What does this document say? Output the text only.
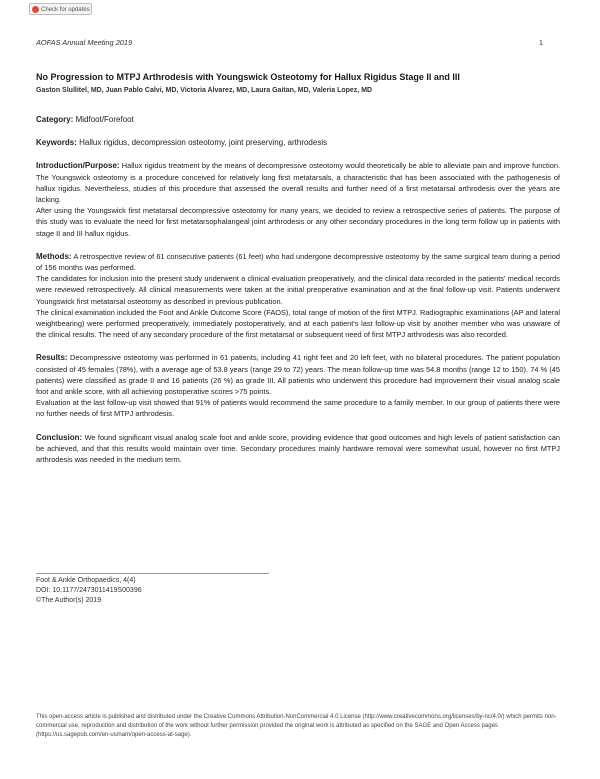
Check for updates
AOFAS Annual Meeting 2019	1
No Progression to MTPJ Arthrodesis with Youngswick Osteotomy for Hallux Rigidus Stage II and III
Gaston Slullitel, MD, Juan Pablo Calvi, MD, Victoria Alvarez, MD, Laura Gaitan, MD, Valeria Lopez, MD
Category: Midfoot/Forefoot
Keywords: Hallux rigidus, decompression osteotomy, joint preserving, arthrodesis

Introduction/Purpose: Hallux rigidus treatment by the means of decompressive osteotomy would theoretically be able to alleviate pain and improve function. The Youngswick osteotomy is a procedure conceived for relatively long first metatarsals, a characteristic that has been associated with the pathogenesis of hallux rigidus. Nevertheless, studies of this procedure that assessed the overall results and further need of a first metatarsal arthrodesis over the years are lacking.

After using the Youngswick first metatarsal decompressive osteotomy for many years, we decided to review a retrospective series of patients. The purpose of this study was to evaluate the need for first metatarsophalangeal joint arthrodesis or any other secondary procedures in the long term follow up in patients with stage II and III hallux rigidus.

Methods: A retrospective review of 61 consecutive patients (61 feet) who had undergone decompressive osteotomy by the same surgical team during a period of 156 months was performed.

The candidates for inclusion into the present study underwent a clinical evaluation preoperatively, and the clinical data recorded in the patients' medical records were reviewed retrospectively. All clinical measurements were taken at the initial preoperative examination and at the final follow-up visit. Patients underwent Youngswick first metatarsal osteotomy as described in previous publication.

The clinical examination included the Foot and Ankle Outcome Score (FAOS), total range of motion of the first MTPJ. Radiographic examinations (AP and lateral weightbearing) were performed preoperatively, immediately postoperatively, and at each patient's last follow-up visit by another member who was unaware of the clinical results. The need of any secondary procedure of the first metatarsal or subsequent need of first MTPJ arthrodesis was also recorded.

Results: Decompressive osteotomy was performed in 61 patients, including 41 right feet and 20 left feet, with no bilateral procedures. The patient population consisted of 45 females (78%), with a average age of 53.8 years (range 29 to 72) years. The mean follow-up time was 54.8 months (range 12 to 150). 74 % (45 patients) were classified as grade II and 16 patients (26 %) as grade III. All patients who underwent this procedure had improvement their visual analog scale foot and ankle score, with all achieving postoperative scores >75 points.

Evaluation at the last follow-up visit showed that 91% of patients would recommend the same procedure to a family member. In our group of patients there were no further needs of first MTPJ arthrodesis.

Conclusion: We found significant visual analog scale foot and ankle score, providing evidence that good outcomes and high levels of patient satisfaction can be achieved, and that this results would maintain over time. Secondary procedures mainly hardware removal were somewhat usual, however no first MTPJ arthrodesis was needed in the medium term.

Foot & Ankle Orthopaedics, 4(4)
DOI: 10.1177/2473011419S00396
©The Author(s) 2019
This open-access article is published and distributed under the Creative Commons Attribution-NonCommercial 4.0 License (http://www.creativecommons.org/licenses/by-nc/4.0/) which permits non-commercial use, reproduction and distribution of the work without further permission provided the original work is attributed as specified on the SAGE and Open Access pages (https://us.sagepub.com/en-us/nam/open-access-at-sage).
